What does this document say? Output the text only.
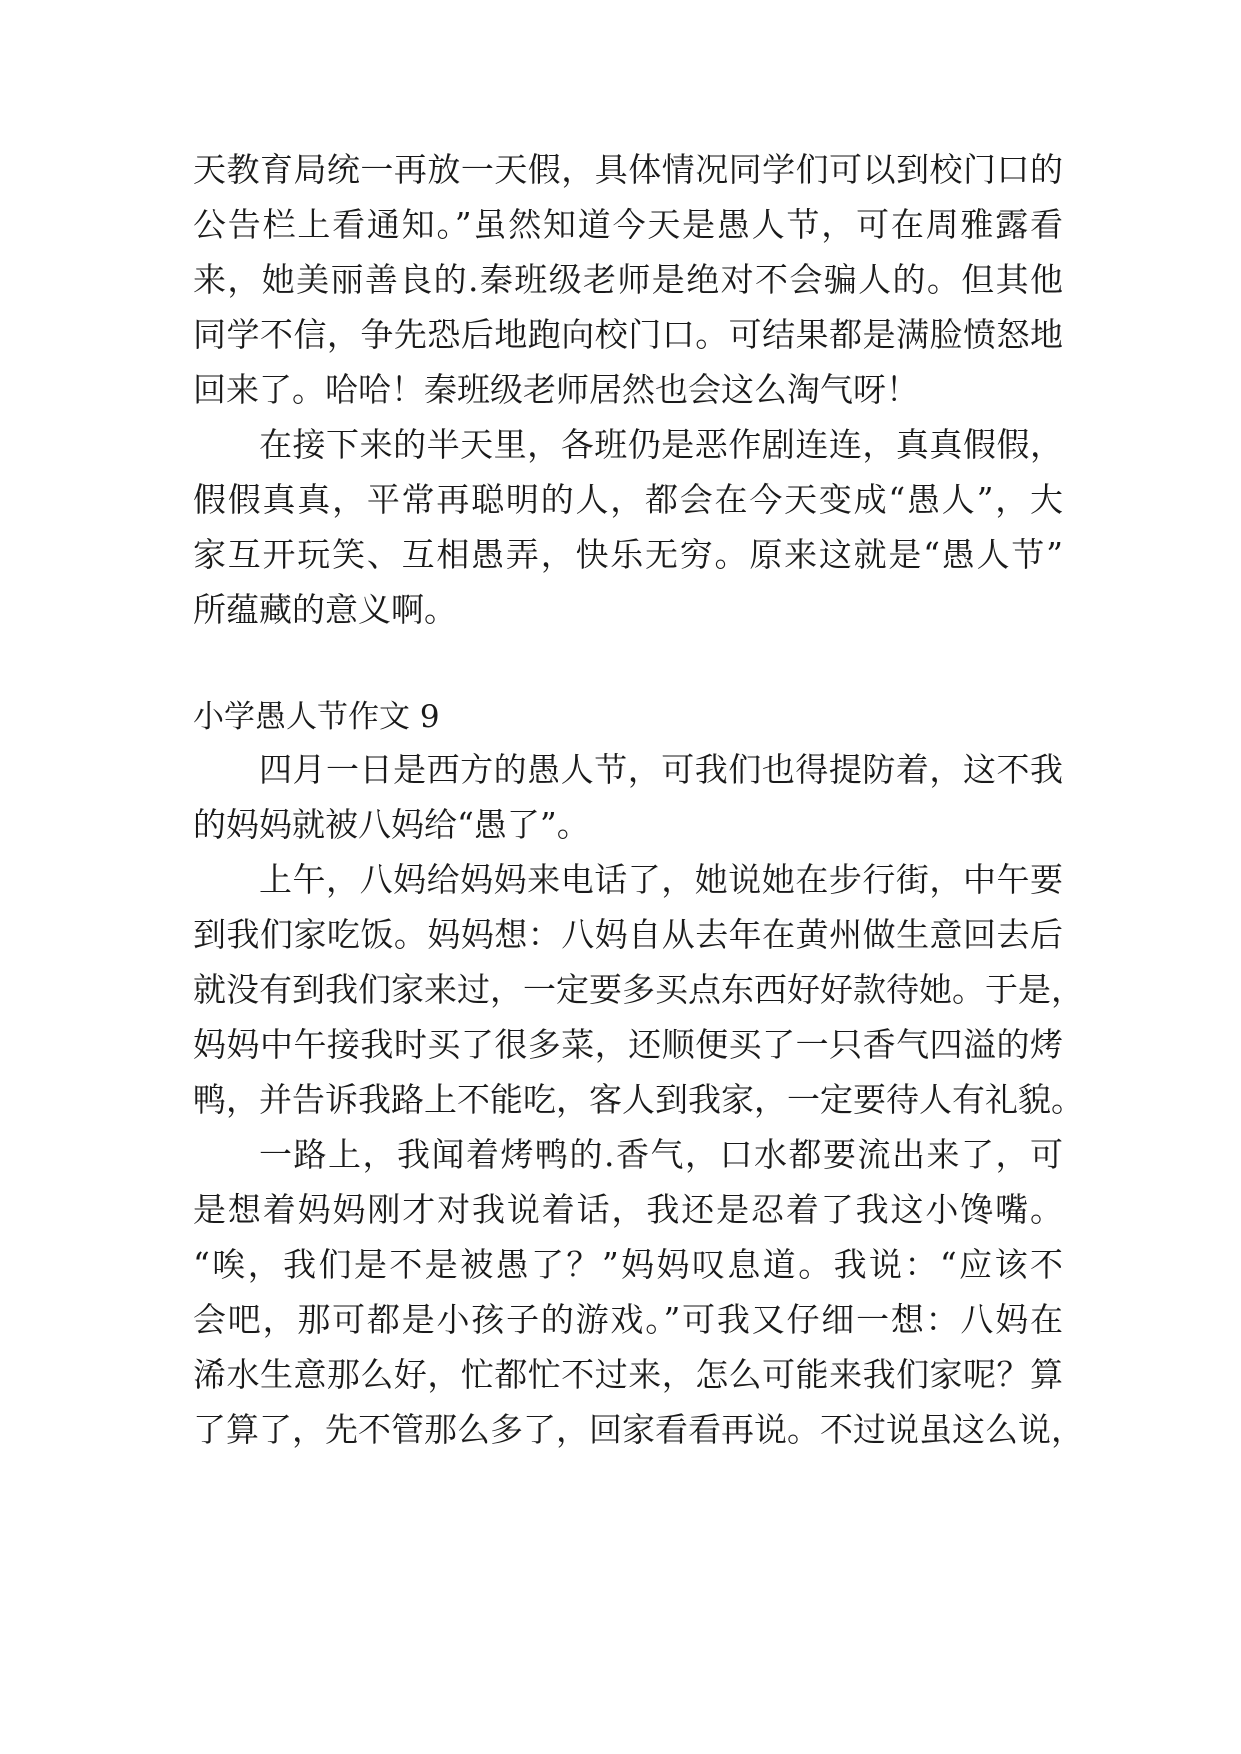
天教育局统一再放一天假，具体情况同学们可以到校门口的
公告栏上看通知。”虽然知道今天是愚人节，可在周雅露看
来，她美丽善良的.秦班级老师是绝对不会骗人的。但其他
同学不信，争先恐后地跑向校门口。可结果都是满脸愤怒地
回来了。哈哈！秦班级老师居然也会这么淘气呀！
在接下来的半天里，各班仍是恶作剧连连，真真假假，
假假真真，平常再聪明的人，都会在今天变成“愚人”，大
家互开玩笑、互相愚弄，快乐无穷。原来这就是“愚人节”
所蕴藏的意义啊。
小学愚人节作文 9
四月一日是西方的愚人节，可我们也得提防着，这不我
的妈妈就被八妈给“愚了”。
上午，八妈给妈妈来电话了，她说她在步行街，中午要
到我们家吃饭。妈妈想：八妈自从去年在黄州做生意回去后
就没有到我们家来过，一定要多买点东西好好款待她。于是，
妈妈中午接我时买了很多菜，还顺便买了一只香气四溢的烤
鸭，并告诉我路上不能吃，客人到我家，一定要待人有礼貌。
一路上，我闻着烤鸭的.香气，口水都要流出来了，可
是想着妈妈刚才对我说着话，我还是忍着了我这小馋嘴。
“唉，我们是不是被愚了？”妈妈叹息道。我说：“应该不
会吧，那可都是小孩子的游戏。”可我又仔细一想：八妈在
浠水生意那么好，忙都忙不过来，怎么可能来我们家呢？算
了算了，先不管那么多了，回家看看再说。不过说虽这么说，
